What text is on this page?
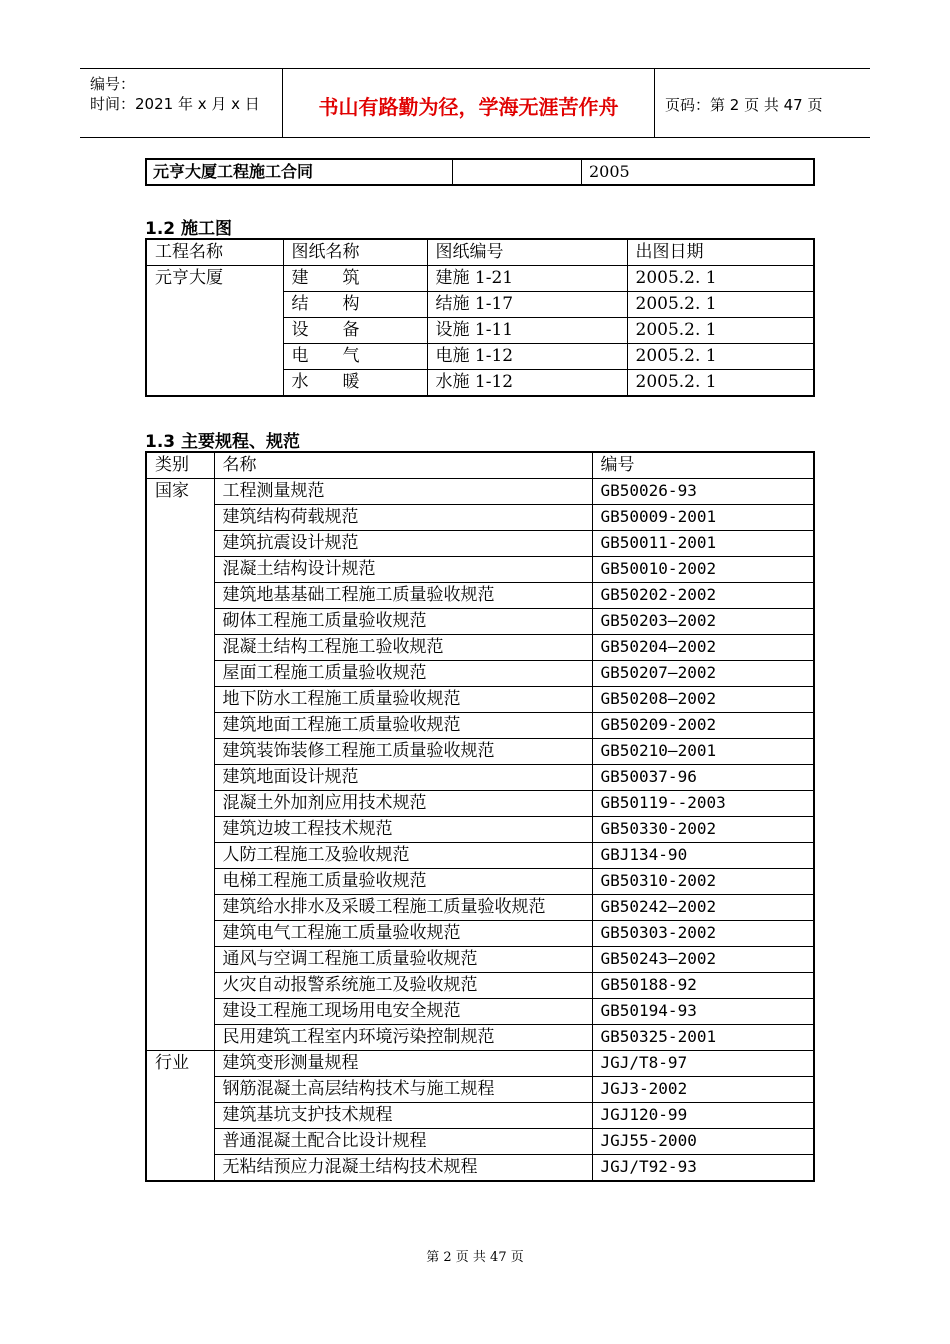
编号：
时间：2021 年 x 月 x 日	书山有路勤为径，学海无涯苦作舟	页码：第 2 页 共 47 页
元亨大厦工程施工合同	2005
1.2 施工图
工程名称	图纸名称	图纸编号	出图日期
元亨大厦	建　　筑	建施 1-21	2005.2. 1
	结　　构	结施 1-17	2005.2. 1
	设　　备	设施 1-11	2005.2. 1
	电　　气	电施 1-12	2005.2. 1
	水　　暖	水施 1-12	2005.2. 1
1.3 主要规程、规范
类别	名称	编号
国家	工程测量规范	GB50026-93
	建筑结构荷载规范	GB50009-2001
	建筑抗震设计规范	GB50011-2001
	混凝土结构设计规范	GB50010-2002
	建筑地基基础工程施工质量验收规范	GB50202-2002
	砌体工程施工质量验收规范	GB50203—2002
	混凝土结构工程施工验收规范	GB50204—2002
	屋面工程施工质量验收规范	GB50207—2002
	地下防水工程施工质量验收规范	GB50208—2002
	建筑地面工程施工质量验收规范	GB50209-2002
	建筑装饰装修工程施工质量验收规范	GB50210—2001
	建筑地面设计规范	GB50037-96
	混凝土外加剂应用技术规范	GB50119--2003
	建筑边坡工程技术规范	GB50330-2002
	人防工程施工及验收规范	GBJ134-90
	电梯工程施工质量验收规范	GB50310-2002
	建筑给水排水及采暖工程施工质量验收规范	GB50242—2002
	建筑电气工程施工质量验收规范	GB50303-2002
	通风与空调工程施工质量验收规范	GB50243—2002
	火灾自动报警系统施工及验收规范	GB50188-92
	建设工程施工现场用电安全规范	GB50194-93
	民用建筑工程室内环境污染控制规范	GB50325-2001
行业	建筑变形测量规程	JGJ/T8-97
	钢筋混凝土高层结构技术与施工规程	JGJ3-2002
	建筑基坑支护技术规程	JGJ120-99
	普通混凝土配合比设计规程	JGJ55-2000
	无粘结预应力混凝土结构技术规程	JGJ/T92-93
第 2 页 共 47 页
